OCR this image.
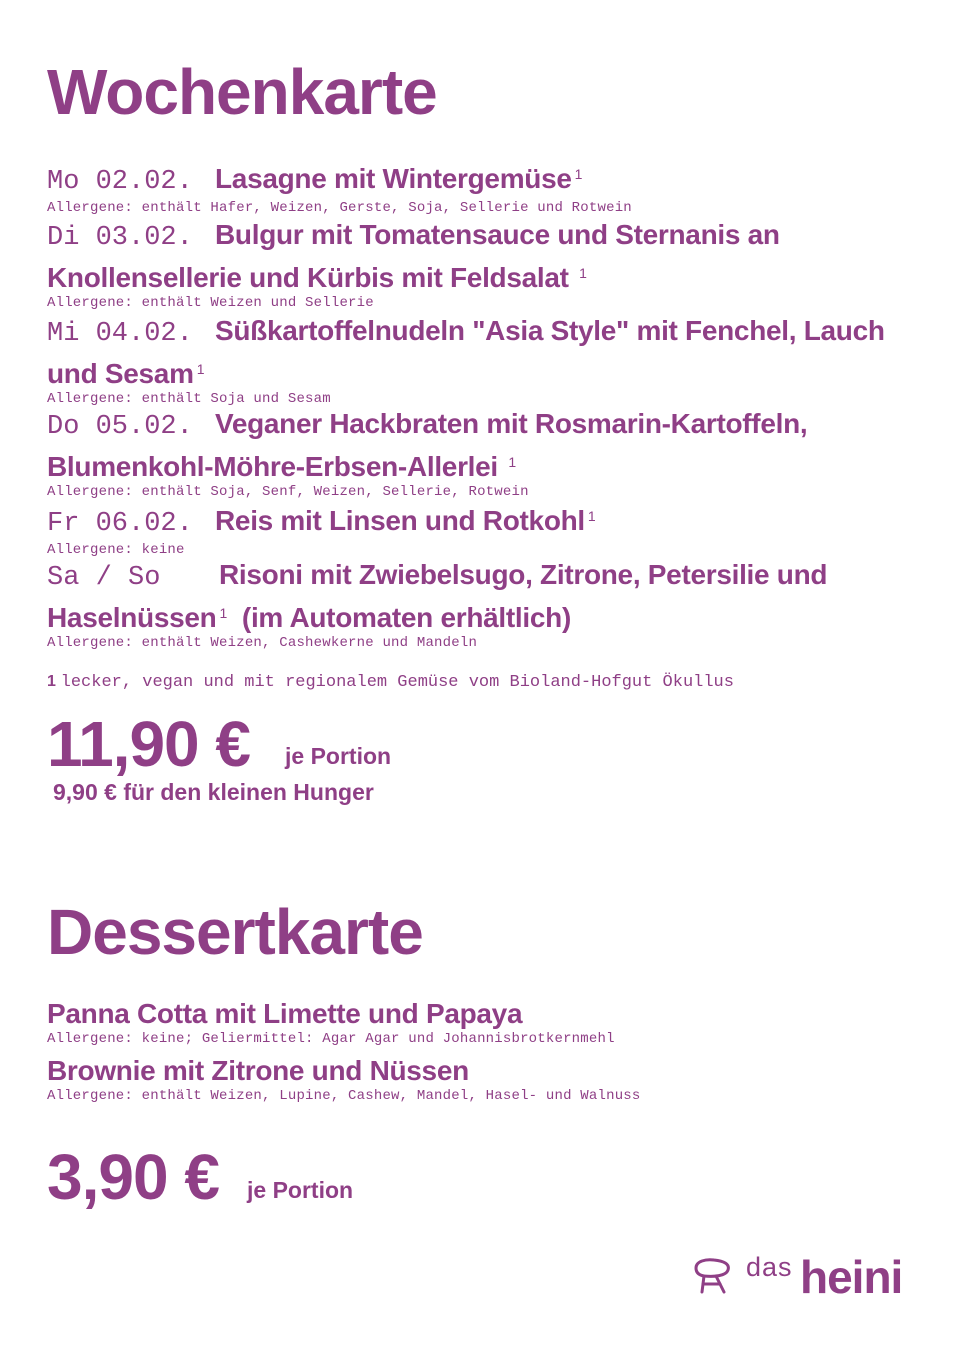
Wochenkarte
Mo 02.02. Lasagne mit Wintergemüse $^1$
Allergene: enthält Hafer, Weizen, Gerste, Soja, Sellerie und Rotwein
Di 03.02. Bulgur mit Tomatensauce und Sternanis an
Knollensellerie und Kürbis mit Feldsalat $^1$
Allergene: enthält Weizen und Sellerie
Mi 04.02. Süßkartoffelnudeln "Asia Style" mit Fenchel, Lauch
und Sesam $^1$
Allergene: enthält Soja und Sesam
Do 05.02. Veganer Hackbraten mit Rosmarin-Kartoffeln,
Blumenkohl-Möhre-Erbsen-Allerlei $^1$
Allergene: enthält Soja, Senf, Weizen, Sellerie, Rotwein
Fr 06.02. Reis mit Linsen und Rotkohl $^1$
Allergene: keine
Sa / So Risoni mit Zwiebelsugo, Zitrone, Petersilie und
Haselnüssen $^1$ (im Automaten erhältlich)
Allergene: enthält Weizen, Cashewkerne und Mandeln
1 lecker, vegan und mit regionalem Gemüse vom Bioland-Hofgut Ökullus
11,90 € je Portion
9,90 € für den kleinen Hunger
Dessertkarte
Panna Cotta mit Limette und Papaya
Allergene: keine; Geliermittel: Agar Agar und Johannisbrotkernmehl
Brownie mit Zitrone und Nüssen
Allergene: enthält Weizen, Lupine, Cashew, Mandel, Hasel- und Walnuss
3,90 € je Portion
das heini
